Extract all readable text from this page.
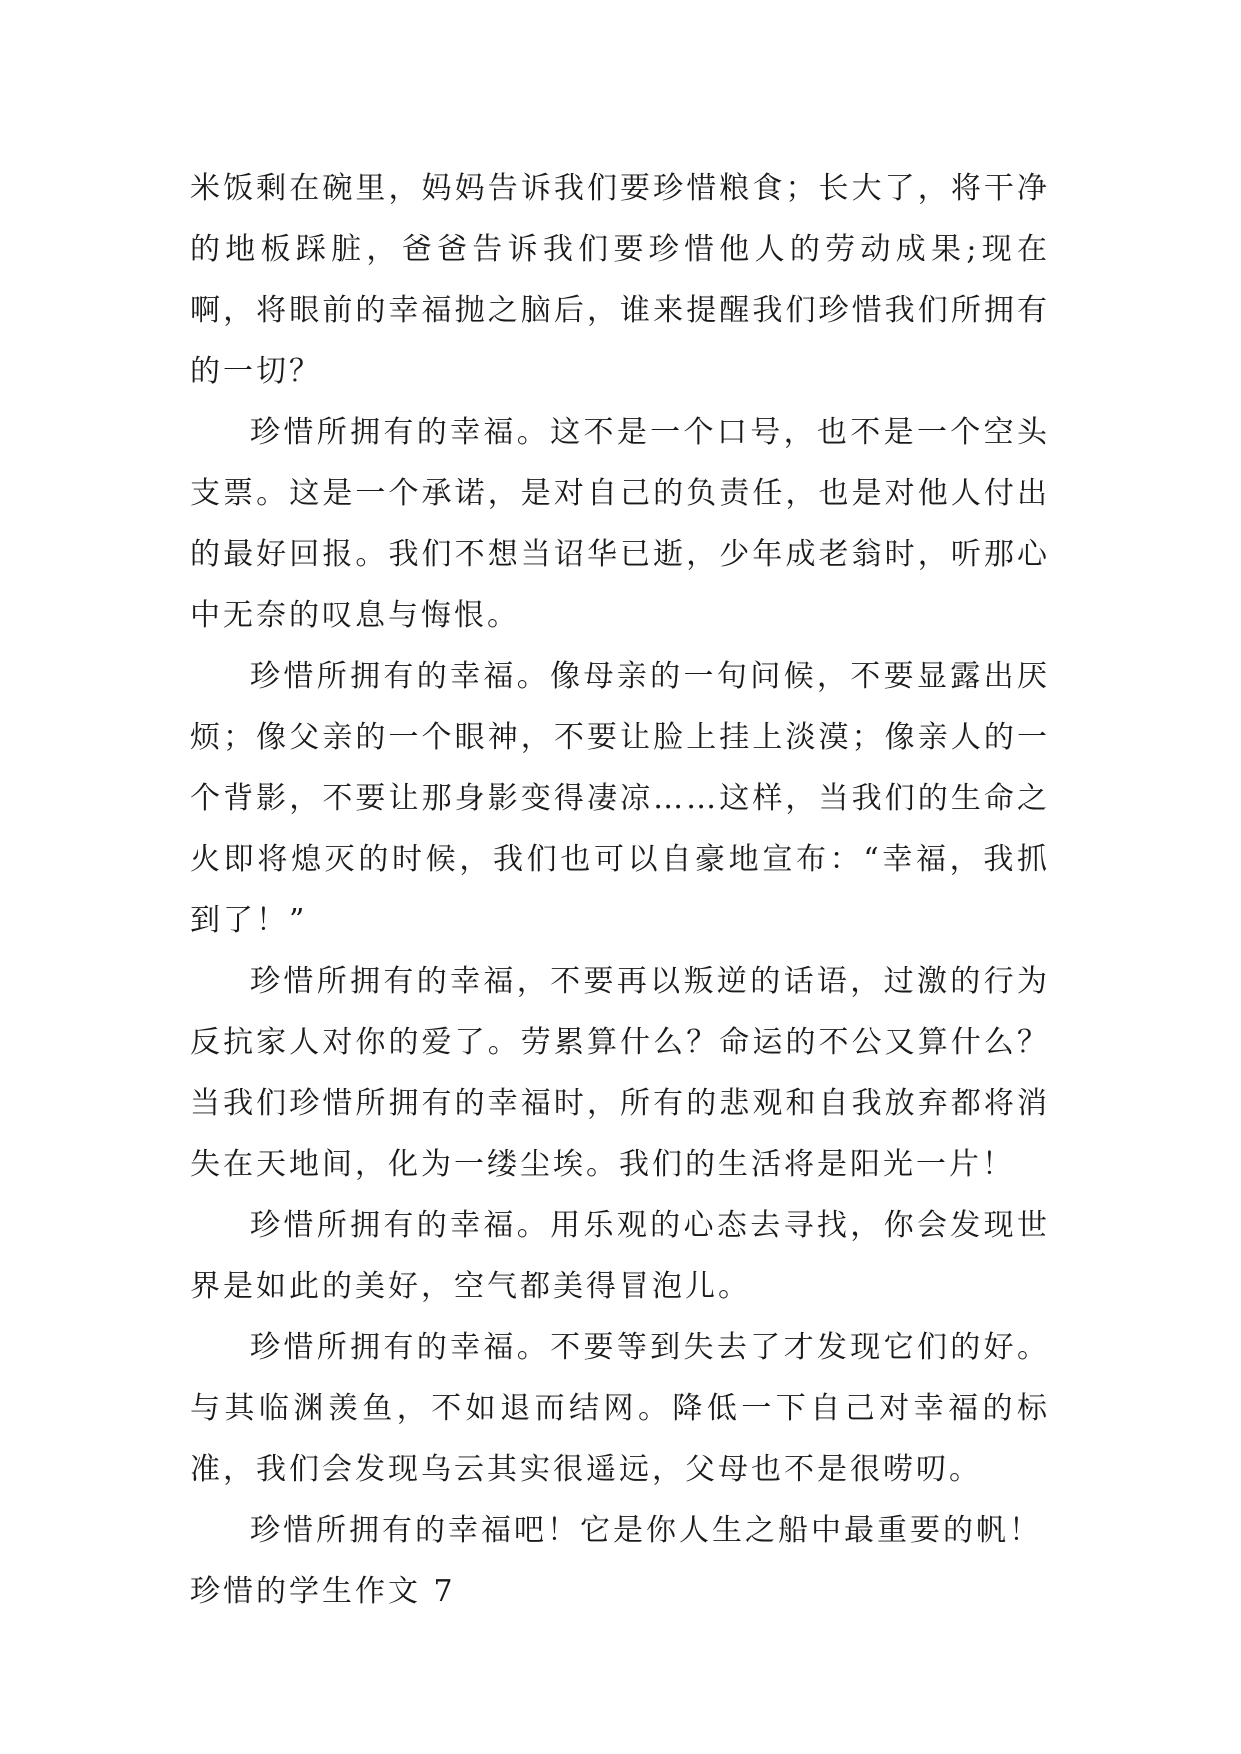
米饭剩在碗里，妈妈告诉我们要珍惜粮食；长大了，将干净的地板踩脏，爸爸告诉我们要珍惜他人的劳动成果;现在啊，将眼前的幸福抛之脑后，谁来提醒我们珍惜我们所拥有的一切？

珍惜所拥有的幸福。这不是一个口号，也不是一个空头支票。这是一个承诺，是对自己的负责任，也是对他人付出的最好回报。我们不想当诏华已逝，少年成老翁时，听那心中无奈的叹息与悔恨。

珍惜所拥有的幸福。像母亲的一句问候，不要显露出厌烦；像父亲的一个眼神，不要让脸上挂上淡漠；像亲人的一个背影，不要让那身影变得凄凉……这样，当我们的生命之火即将熄灭的时候，我们也可以自豪地宣布：“幸福，我抓到了！”

珍惜所拥有的幸福，不要再以叛逆的话语，过激的行为反抗家人对你的爱了。劳累算什么？命运的不公又算什么？当我们珍惜所拥有的幸福时，所有的悲观和自我放弃都将消失在天地间，化为一缕尘埃。我们的生活将是阳光一片！

珍惜所拥有的幸福。用乐观的心态去寻找，你会发现世界是如此的美好，空气都美得冒泡儿。

珍惜所拥有的幸福。不要等到失去了才发现它们的好。与其临渊羡鱼，不如退而结网。降低一下自己对幸福的标准，我们会发现乌云其实很遥远，父母也不是很唠叨。

珍惜所拥有的幸福吧！它是你人生之船中最重要的帆！

珍惜的学生作文 7
